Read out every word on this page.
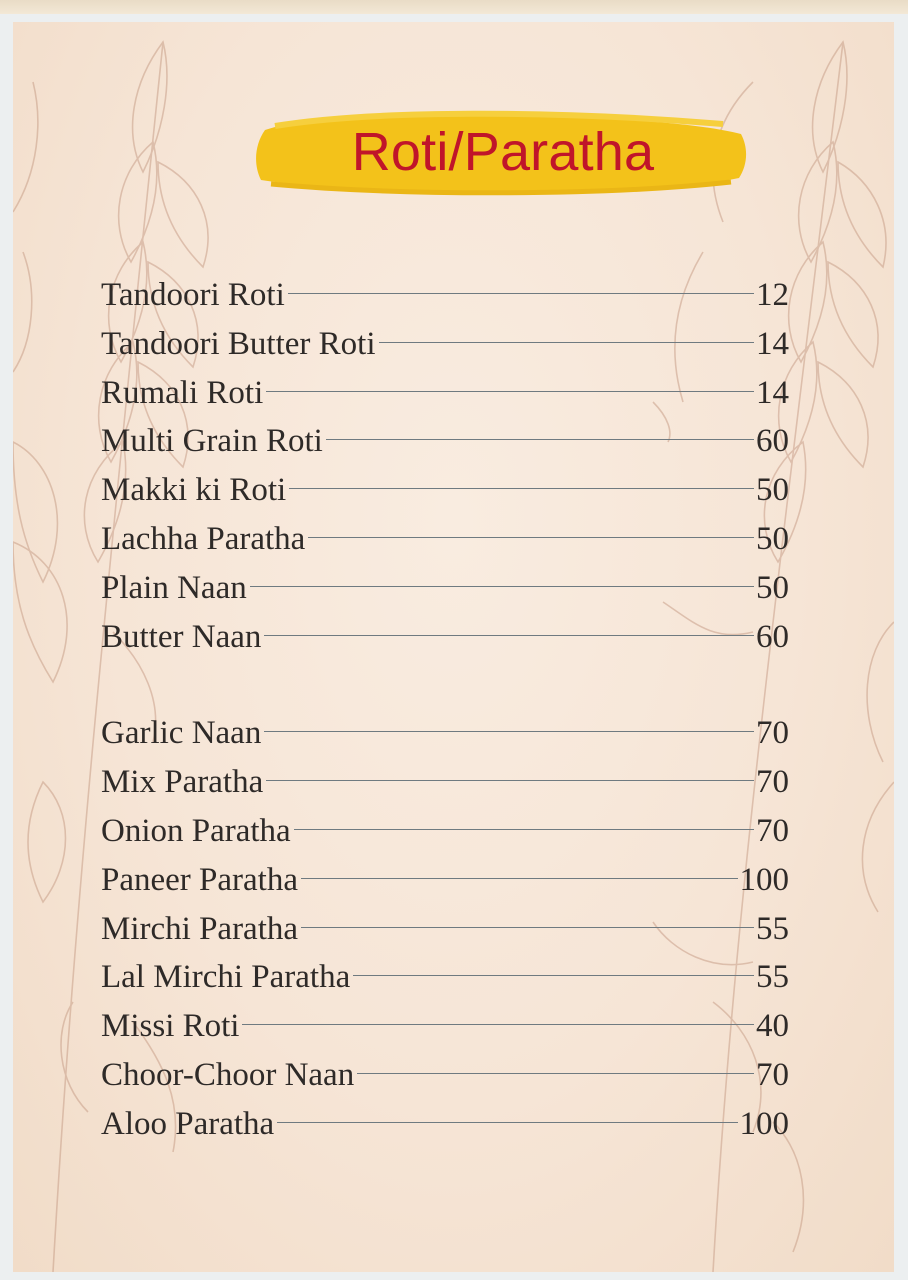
Roti/Paratha
Tandoori Roti	12
Tandoori Butter Roti	14
Rumali Roti	14
Multi Grain Roti	60
Makki ki Roti	50
Lachha Paratha	50
Plain Naan	50
Butter Naan	60
Garlic Naan	70
Mix Paratha	70
Onion Paratha	70
Paneer Paratha	100
Mirchi Paratha	55
Lal Mirchi Paratha	55
Missi Roti	40
Choor-Choor Naan	70
Aloo Paratha	100
